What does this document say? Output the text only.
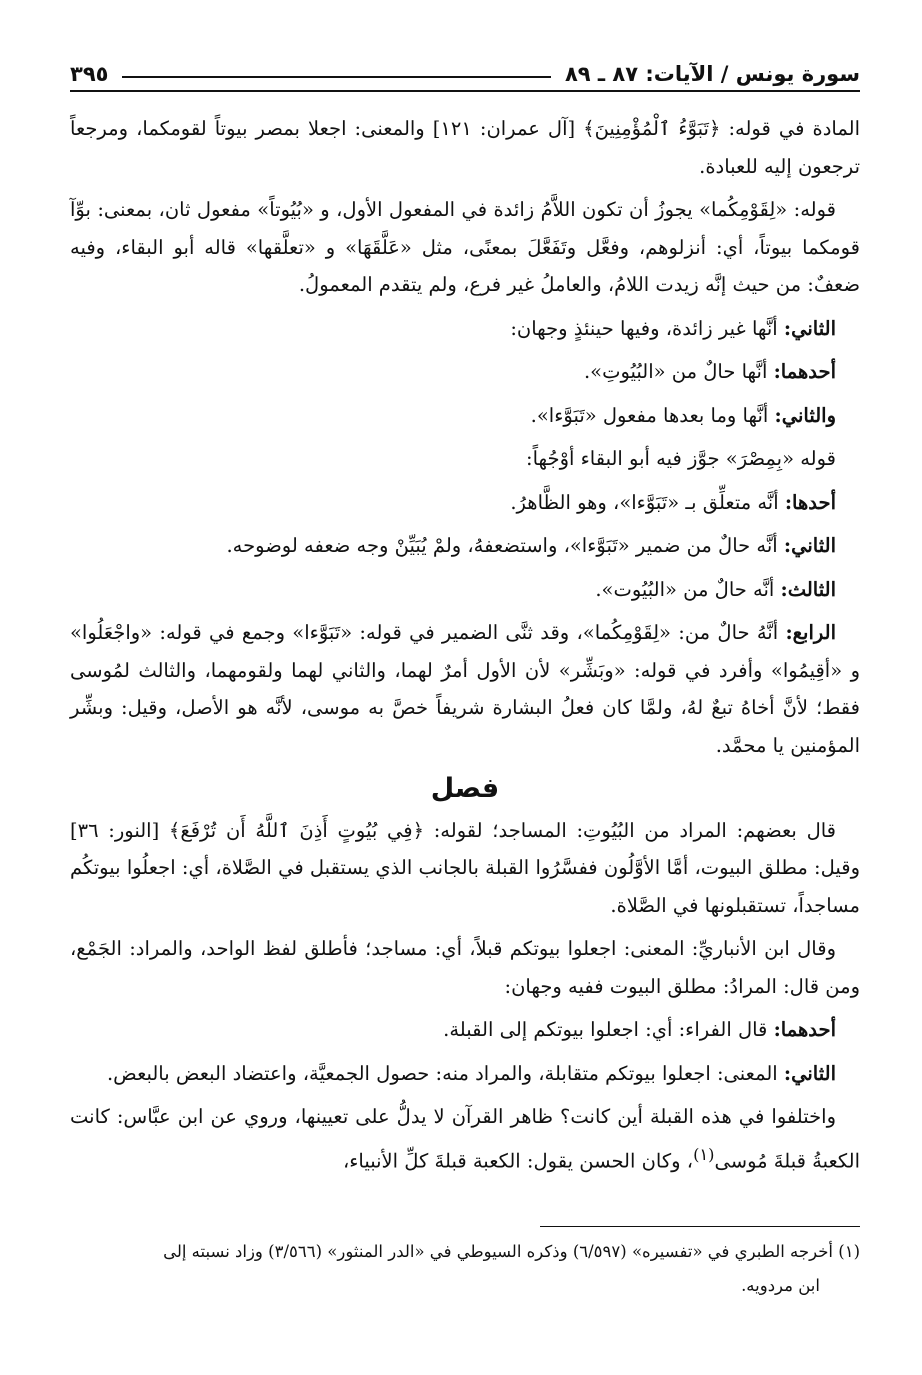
سورة يونس / الآيات: ٨٧ ـ ٨٩
٣٩٥

المادة في قوله: ﴿تَبَوَّءُ ٱلْمُؤْمِنِينَ﴾ [آل عمران: ١٢١] والمعنى: اجعلا بمصر بيوتاً لقومكما، ومرجعاً ترجعون إليه للعبادة.

قوله: «لِقَوْمِكُما» يجوزُ أن تكون اللاَّمُ زائدة في المفعول الأول، و «بُيُوتاً» مفعول ثان، بمعنى: بوِّآ قومكما بيوتاً، أي: أنزلوهم، وفعَّل وتَفَعَّلَ بمعنًى، مثل «عَلَّقَهَا» و «تعلَّقها» قاله أبو البقاء، وفيه ضعفٌ: من حيث إنَّه زيدت اللامُ، والعاملُ غير فرع، ولم يتقدم المعمولُ.

الثاني: أنَّها غير زائدة، وفيها حينئذٍ وجهان:

أحدهما: أنَّها حالٌ من «البُيُوتِ».

والثاني: أنَّها وما بعدها مفعول «تَبَوَّءا».

قوله «بِمِصْرَ» جوَّز فيه أبو البقاء أوْجُهاً:

أحدها: أنَّه متعلِّق بـ «تَبَوَّءا»، وهو الظَّاهرُ.

الثاني: أنَّه حالٌ من ضمير «تَبَوَّءا»، واستضعفهُ، ولمْ يُبَيِّنْ وجه ضعفه لوضوحه.

الثالث: أنَّه حالٌ من «البُيُوت».

الرابع: أنَّهُ حالٌ من: «لِقَوْمِكُما»، وقد ثنَّى الضمير في قوله: «تَبَوَّءا» وجمع في قوله: «واجْعَلُوا» و «أقِيمُوا» وأفرد في قوله: «وبَشِّر» لأن الأول أمرٌ لهما، والثاني لهما ولقومهما، والثالث لمُوسى فقط؛ لأنَّ أخاهُ تبعٌ لهُ، ولمَّا كان فعلُ البشارة شريفاً خصَّ به موسى، لأنَّه هو الأصل، وقيل: وبشِّر المؤمنين يا محمَّد.

فصل

قال بعضهم: المراد من البُيُوتِ: المساجد؛ لقوله: ﴿فِي بُيُوتٍ أَذِنَ ٱللَّهُ أَن تُرْفَعَ﴾ [النور: ٣٦] وقيل: مطلق البيوت، أمَّا الأوَّلُون ففسَّرُوا القبلة بالجانب الذي يستقبل في الصَّلاة، أي: اجعلُوا بيوتكُم مساجداً، تستقبلونها في الصَّلاة.

وقال ابن الأنباريِّ: المعنى: اجعلوا بيوتكم قبلاً، أي: مساجد؛ فأطلق لفظ الواحد، والمراد: الجَمْع، ومن قال: المرادُ: مطلق البيوت ففيه وجهان:

أحدهما: قال الفراء: أي: اجعلوا بيوتكم إلى القبلة.

الثاني: المعنى: اجعلوا بيوتكم متقابلة، والمراد منه: حصول الجمعيَّة، واعتضاد البعض بالبعض.

واختلفوا في هذه القبلة أين كانت؟ ظاهر القرآن لا يدلُّ على تعيينها، وروي عن ابن عبَّاس: كانت الكعبةُ قبلةَ مُوسى$^{(١)}$، وكان الحسن يقول: الكعبة قبلةَ كلِّ الأنبياء،

(١) أخرجه الطبري في «تفسيره» (٦/٥٩٧) وذكره السيوطي في «الدر المنثور» (٣/٥٦٦) وزاد نسبته إلى
ابن مردويه.
